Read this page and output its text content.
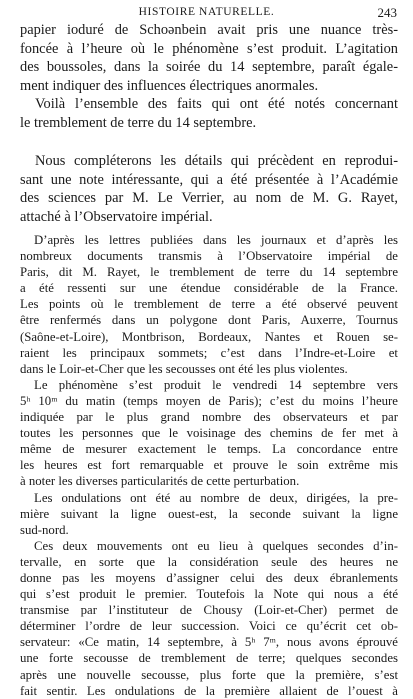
HISTOIRE NATURELLE.	243
papier ioduré de Schoənbein avait pris une nuance très-
foncée à l’heure où le phénomène s’est produit. L’agitation
des boussoles, dans la soirée du 14 septembre, paraît égale-
ment indiquer des influences électriques anormales.
Voilà l’ensemble des faits qui ont été notés concernant
le tremblement de terre du 14 septembre.
Nous compléterons les détails qui précèdent en reprodui-
sant une note intéressante, qui a été présentée à l’Académie
des sciences par M. Le Verrier, au nom de M. G. Rayet,
attaché à l’Observatoire impérial.
D’après les lettres publiées dans les journaux et d’après les
nombreux documents transmis à l’Observatoire impérial de
Paris, dit M. Rayet, le tremblement de terre du 14 septembre
a été ressenti sur une étendue considérable de la France.
Les points où le tremblement de terre a été observé peuvent
être renfermés dans un polygone dont Paris, Auxerre, Tournus
(Saône-et-Loire), Montbrison, Bordeaux, Nantes et Rouen se-
raient les principaux sommets; c’est dans l’Indre-et-Loire et
dans le Loir-et-Cher que les secousses ont été les plus violentes.
Le phénomène s’est produit le vendredi 14 septembre vers
5ʰ 10ᵐ du matin (temps moyen de Paris); c’est du moins l’heure
indiquée par le plus grand nombre des observateurs et par
toutes les personnes que le voisinage des chemins de fer met à
même de mesurer exactement le temps. La concordance entre
les heures est fort remarquable et prouve le soin extrême mis
à noter les diverses particularités de cette perturbation.
Les ondulations ont été au nombre de deux, dirigées, la pre-
mière suivant la ligne ouest-est, la seconde suivant la ligne
sud-nord.
Ces deux mouvements ont eu lieu à quelques secondes d’in-
tervalle, en sorte que la considération seule des heures ne
donne pas les moyens d’assigner celui des deux ébranlements
qui s’est produit le premier. Toutefois la Note qui nous a été
transmise par l’instituteur de Chousy (Loir-et-Cher) permet de
déterminer l’ordre de leur succession. Voici ce qu’écrit cet ob-
servateur: «Ce matin, 14 septembre, à 5ʰ 7ᵐ, nous avons éprouvé
une forte secousse de tremblement de terre; quelques secondes
après une nouvelle secousse, plus forte que la première, s’est
fait sentir. Les ondulations de la première allaient de l’ouest à
